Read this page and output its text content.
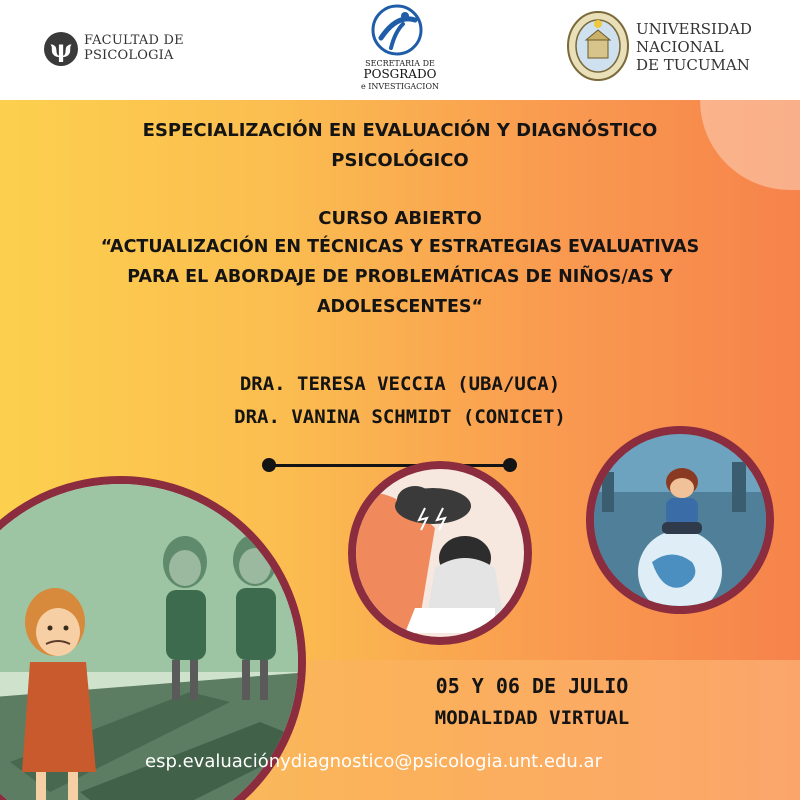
ψ
FACULTAD DE
PSICOLOGIA
SECRETARIA DE
POSGRADO
e INVESTIGACION
UNIVERSIDAD
NACIONAL
DE TUCUMAN
ESPECIALIZACIÓN EN EVALUACIÓN Y DIAGNÓSTICO
PSICOLÓGICO
CURSO ABIERTO
“ACTUALIZACIÓN EN TÉCNICAS Y ESTRATEGIAS EVALUATIVAS
PARA EL ABORDAJE DE PROBLEMÁTICAS DE NIÑOS/AS Y
ADOLESCENTES“
DRA. TERESA VECCIA (UBA/UCA)
DRA. VANINA SCHMIDT (CONICET)
05 Y 06 DE JULIO
MODALIDAD VIRTUAL
esp.evaluaciónydiagnostico@psicologia.unt.edu.ar
